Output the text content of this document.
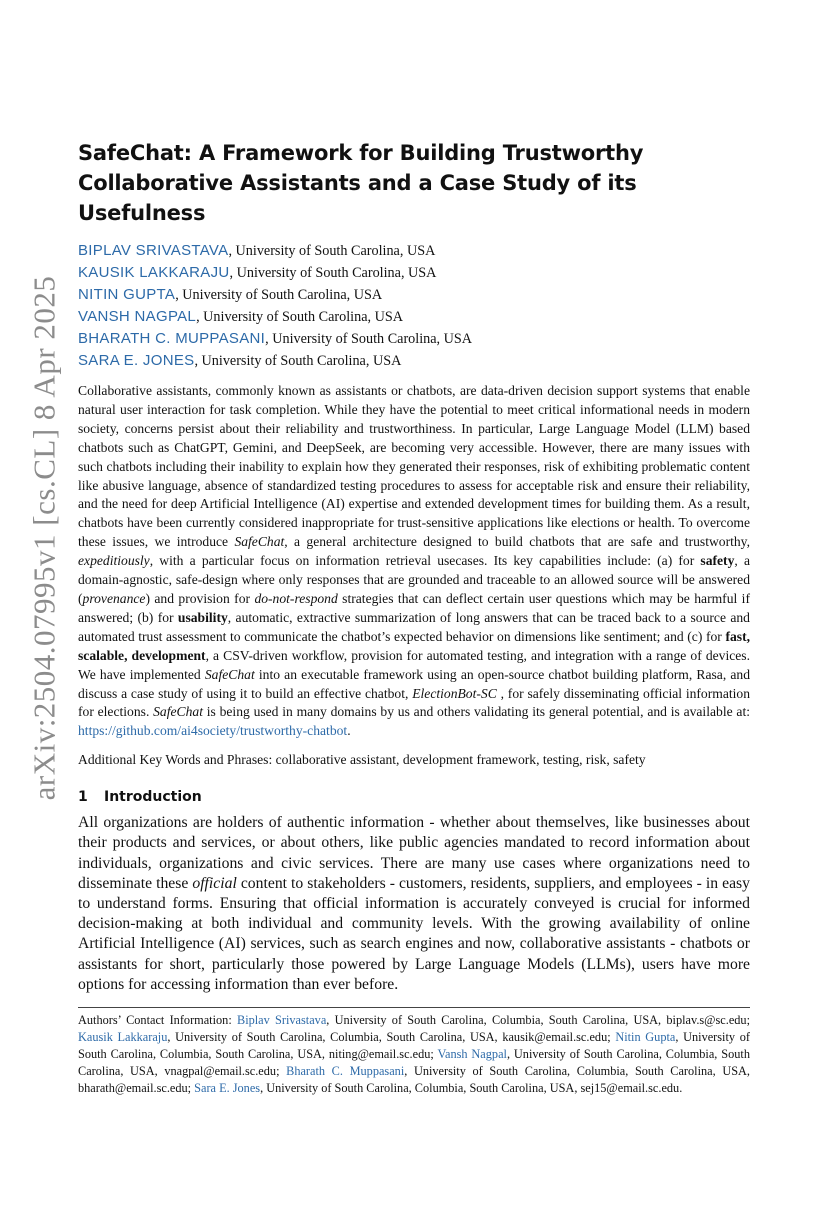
arXiv:2504.07995v1 [cs.CL] 8 Apr 2025
SafeChat: A Framework for Building Trustworthy
Collaborative Assistants and a Case Study of its Usefulness
BIPLAV SRIVASTAVA, University of South Carolina, USA
KAUSIK LAKKARAJU, University of South Carolina, USA
NITIN GUPTA, University of South Carolina, USA
VANSH NAGPAL, University of South Carolina, USA
BHARATH C. MUPPASANI, University of South Carolina, USA
SARA E. JONES, University of South Carolina, USA
Collaborative assistants, commonly known as assistants or chatbots, are data-driven decision support systems that enable natural user interaction for task completion. While they have the potential to meet critical informational needs in modern society, concerns persist about their reliability and trustworthiness. In particular, Large Language Model (LLM) based chatbots such as ChatGPT, Gemini, and DeepSeek, are becoming very accessible. However, there are many issues with such chatbots including their inability to explain how they generated their responses, risk of exhibiting problematic content like abusive language, absence of standardized testing procedures to assess for acceptable risk and ensure their reliability, and the need for deep Artificial Intelligence (AI) expertise and extended development times for building them. As a result, chatbots have been currently considered inappropriate for trust-sensitive applications like elections or health. To overcome these issues, we introduce SafeChat, a general architecture designed to build chatbots that are safe and trustworthy, expeditiously, with a particular focus on information retrieval usecases. Its key capabilities include: (a) for safety, a domain-agnostic, safe-design where only responses that are grounded and traceable to an allowed source will be answered (provenance) and provision for do-not-respond strategies that can deflect certain user questions which may be harmful if answered; (b) for usability, automatic, extractive summarization of long answers that can be traced back to a source and automated trust assessment to communicate the chatbot’s expected behavior on dimensions like sentiment; and (c) for fast, scalable, development, a CSV-driven workflow, provision for automated testing, and integration with a range of devices. We have implemented SafeChat into an executable framework using an open-source chatbot building platform, Rasa, and discuss a case study of using it to build an effective chatbot, ElectionBot-SC , for safely disseminating official information for elections. SafeChat is being used in many domains by us and others validating its general potential, and is available at: https://github.com/ai4society/trustworthy-chatbot.
Additional Key Words and Phrases: collaborative assistant, development framework, testing, risk, safety
1 Introduction
All organizations are holders of authentic information - whether about themselves, like businesses about their products and services, or about others, like public agencies mandated to record information about individuals, organizations and civic services. There are many use cases where organizations need to disseminate these official content to stakeholders - customers, residents, suppliers, and employees - in easy to understand forms. Ensuring that official information is accurately conveyed is crucial for informed decision-making at both individual and community levels. With the growing availability of online Artificial Intelligence (AI) services, such as search engines and now, collaborative assistants - chatbots or assistants for short, particularly those powered by Large Language Models (LLMs), users have more options for accessing information than ever before.
Authors’ Contact Information: Biplav Srivastava, University of South Carolina, Columbia, South Carolina, USA, biplav.s@sc.edu; Kausik Lakkaraju, University of South Carolina, Columbia, South Carolina, USA, kausik@email.sc.edu; Nitin Gupta, University of South Carolina, Columbia, South Carolina, USA, niting@email.sc.edu; Vansh Nagpal, University of South Carolina, Columbia, South Carolina, USA, vnagpal@email.sc.edu; Bharath C. Muppasani, University of South Carolina, Columbia, South Carolina, USA, bharath@email.sc.edu; Sara E. Jones, University of South Carolina, Columbia, South Carolina, USA, sej15@email.sc.edu.
